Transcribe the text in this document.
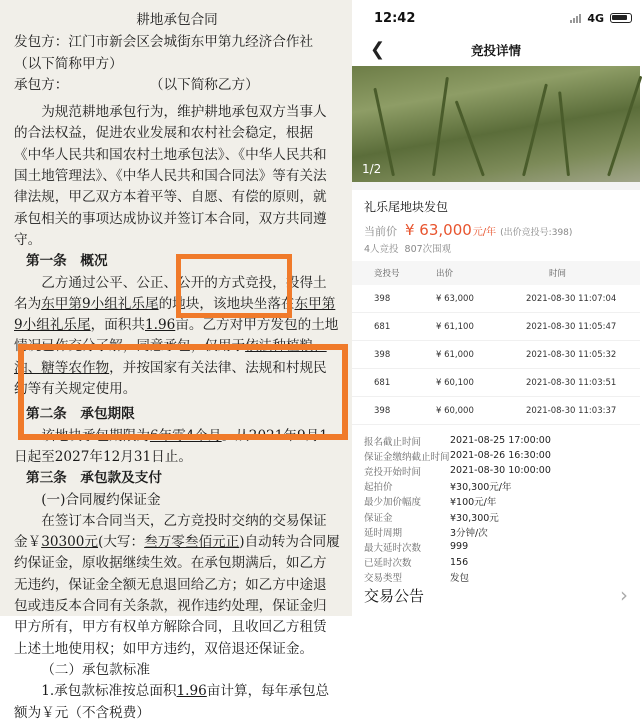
耕地承包合同

发包方：江门市新会区会城街东甲第九经济合作社（以下简称甲方）

承包方：　　　　　　　（以下简称乙方）

为规范耕地承包行为，维护耕地承包双方当事人的合法权益，促进农业发展和农村社会稳定，根据《中华人民共和国农村土地承包法》、《中华人民共和国土地管理法》、《中华人民共和国合同法》等有关法律法规，甲乙双方本着平等、自愿、有偿的原则，就承包相关的事项达成协议并签订本合同，双方共同遵守。

第一条　概况

乙方通过公平、公正、公开的方式竞投，投得土名为东甲第9小组礼乐尾的地块，该地块坐落在东甲第9小组礼乐尾，面积共1.96亩。乙方对甲方发包的土地情况已作充分了解，同意承包，仅用于依法种植粮、油、糖等农作物，并按国家有关法律、法规和村规民约等有关规定使用。

第二条　承包期限

该地块承包期限为6年零4个月。从2021年9月1日起至2027年12月31日止。

第三条　承包款及支付

(一)合同履约保证金

在签订本合同当天，乙方竞投时交纳的交易保证金￥30300元(大写：叁万零叁佰元正)自动转为合同履约保证金，原收据继续生效。在承包期满后，如乙方无违约，保证金全额无息退回给乙方；如乙方中途退包或违反本合同有关条款，视作违约处理，保证金归甲方所有，甲方有权单方解除合同，且收回乙方租赁上述土地使用权；如甲方违约，双倍退还保证金。

（二）承包款标准

1.承包款标准按总面积1.96亩计算，每年承包总额为￥元（不含税费）

12:42	4G
❮	竞投详情
1/2
礼乐尾地块发包
当前价 ¥ 63,000 元/年 (出价竞投号:398)
4人竞投 807次围观
竞投号	出价	时间
398	¥ 63,000	2021-08-30 11:07:04
681	¥ 61,100	2021-08-30 11:05:47
398	¥ 61,000	2021-08-30 11:05:32
681	¥ 60,100	2021-08-30 11:03:51
398	¥ 60,000	2021-08-30 11:03:37
报名截止时间	2021-08-25 17:00:00
保证金缴纳截止时间 2021-08-26 16:30:00
竞投开始时间	2021-08-30 10:00:00
起拍价	¥30,300元/年
最少加价幅度	¥100元/年
保证金	¥30,300元
延时周期	3分钟/次
最大延时次数	999
已延时次数	156
交易类型	发包
交易公告	›
